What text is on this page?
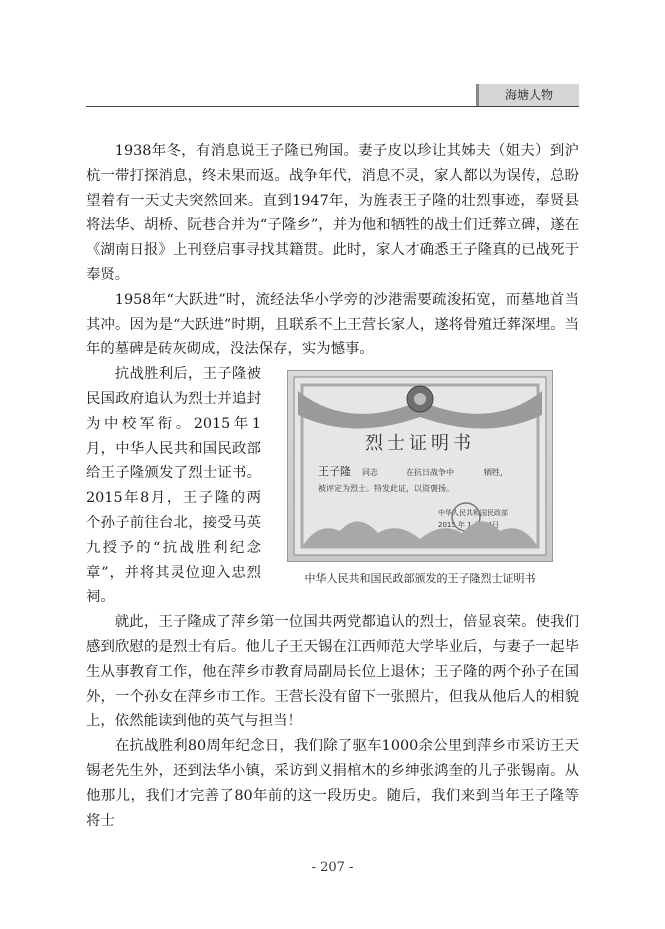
海塘人物

1938年冬，有消息说王子隆已殉国。妻子皮以珍让其姊夫（姐夫）到沪杭一带打探消息，终未果而返。战争年代，消息不灵，家人都以为误传，总盼望着有一天丈夫突然回来。直到1947年，为旌表王子隆的壮烈事迹，奉贤县将法华、胡桥、阮巷合并为“子隆乡”，并为他和牺牲的战士们迁葬立碑，遂在《湖南日报》上刊登启事寻找其籍贯。此时，家人才确悉王子隆真的已战死于奉贤。

1958年“大跃进”时，流经法华小学旁的沙港需要疏浚拓宽，而墓地首当其冲。因为是“大跃进”时期，且联系不上王营长家人，遂将骨殖迁葬深埋。当年的墓碑是砖灰砌成，没法保存，实为憾事。

抗战胜利后，王子隆被民国政府追认为烈士并追封为中校军衔。2015年1月，中华人民共和国民政部给王子隆颁发了烈士证书。2015年8月，王子隆的两个孙子前往台北，接受马英九授予的“抗战胜利纪念章”，并将其灵位迎入忠烈祠。

烈士证明书
王子隆 同志	在抗日战争中	牺牲，
被评定为烈士。特发此证，以资褒扬。
中华人民共和国民政部
2015 年 1 月 14日
中华人民共和国民政部颁发的王子隆烈士证明书

就此，王子隆成了萍乡第一位国共两党都追认的烈士，倍显哀荣。使我们感到欣慰的是烈士有后。他儿子王天锡在江西师范大学毕业后，与妻子一起毕生从事教育工作，他在萍乡市教育局副局长位上退休；王子隆的两个孙子在国外，一个孙女在萍乡市工作。王营长没有留下一张照片，但我从他后人的相貌上，依然能读到他的英气与担当！

在抗战胜利80周年纪念日，我们除了驱车1000余公里到萍乡市采访王天锡老先生外，还到法华小镇，采访到义捐棺木的乡绅张鸿奎的儿子张锡南。从他那儿，我们才完善了80年前的这一段历史。随后，我们来到当年王子隆等将士

- 207 -
